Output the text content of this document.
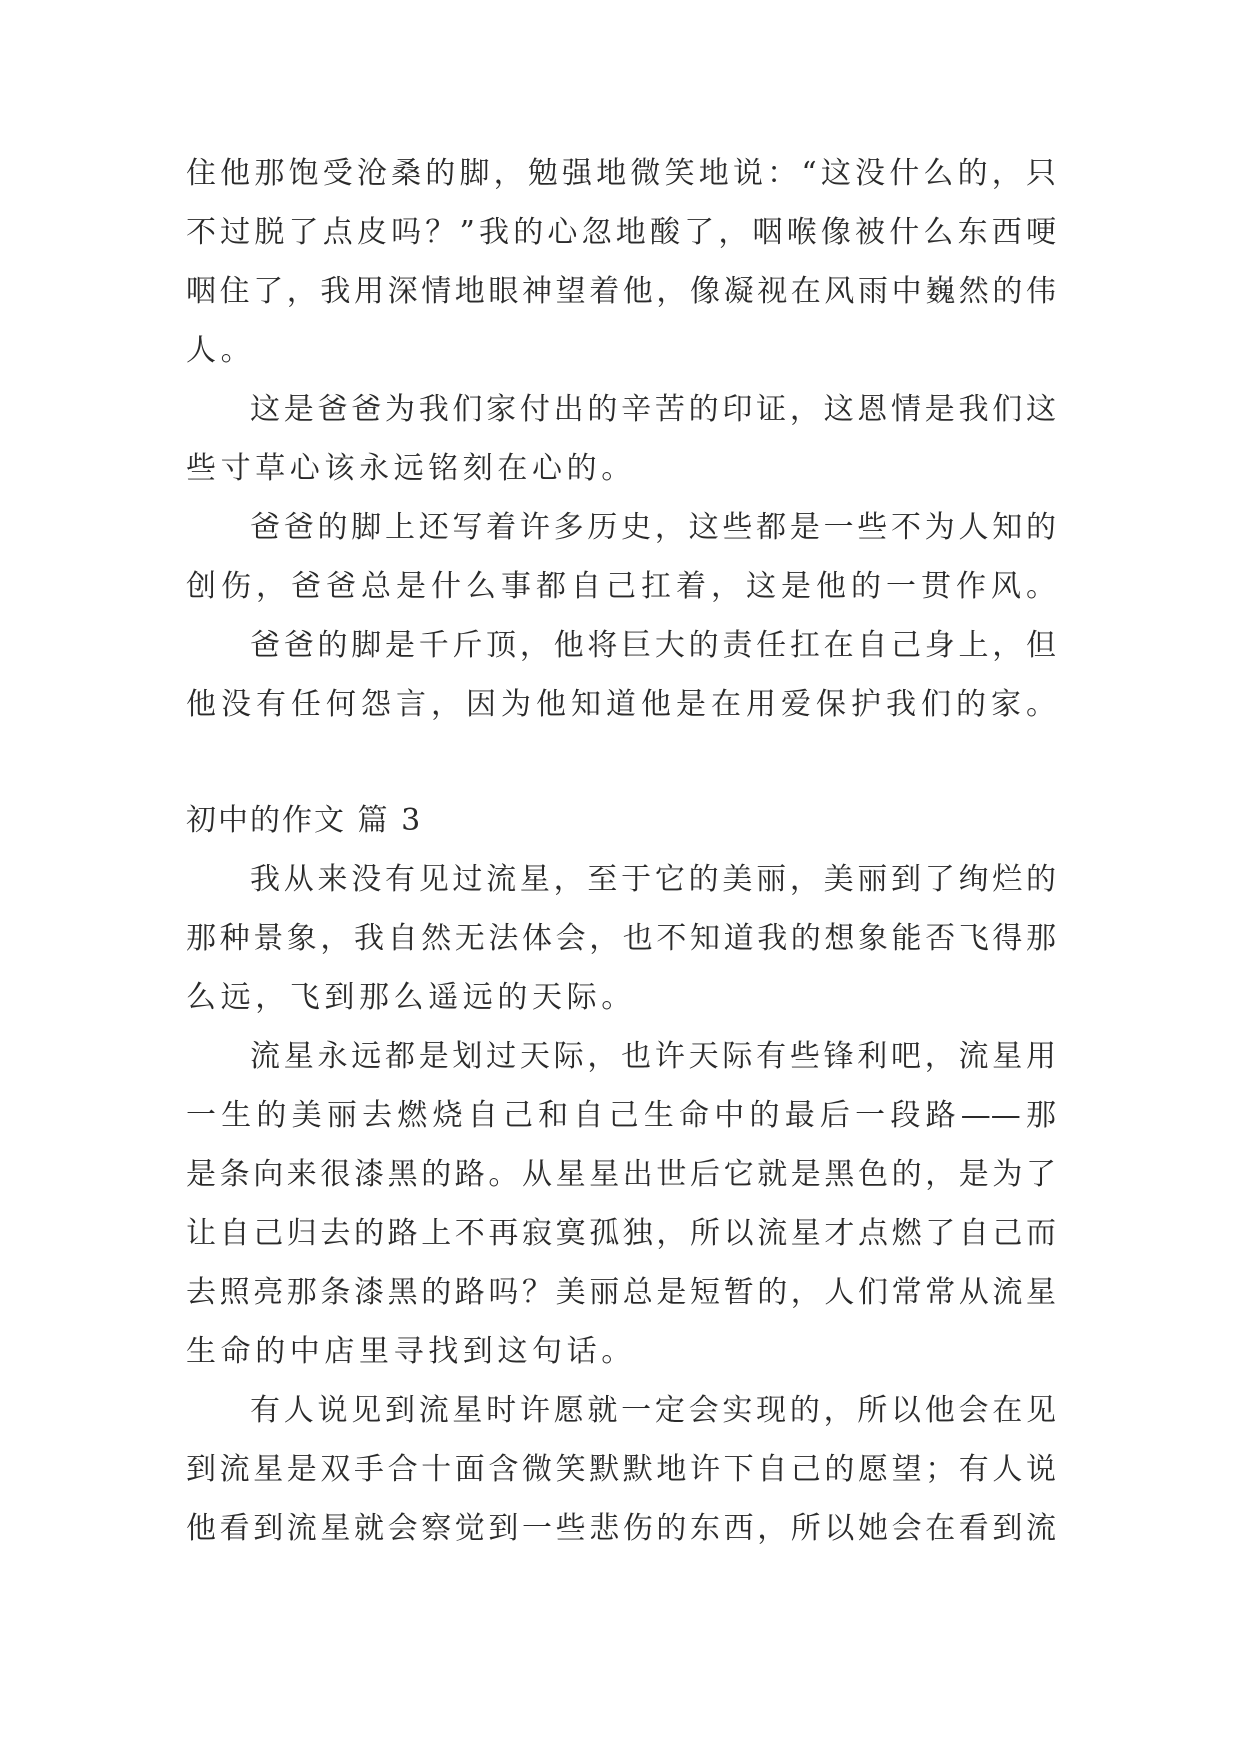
住他那饱受沧桑的脚，勉强地微笑地说：“这没什么的，只
不过脱了点皮吗？”我的心忽地酸了，咽喉像被什么东西哽
咽住了，我用深情地眼神望着他，像凝视在风雨中巍然的伟
人。
这是爸爸为我们家付出的辛苦的印证，这恩情是我们这
些寸草心该永远铭刻在心的。
爸爸的脚上还写着许多历史，这些都是一些不为人知的
创伤，爸爸总是什么事都自己扛着，这是他的一贯作风。
爸爸的脚是千斤顶，他将巨大的责任扛在自己身上，但
他没有任何怨言，因为他知道他是在用爱保护我们的家。
初中的作文 篇 3
我从来没有见过流星，至于它的美丽，美丽到了绚烂的
那种景象，我自然无法体会，也不知道我的想象能否飞得那
么远，飞到那么遥远的天际。
流星永远都是划过天际，也许天际有些锋利吧，流星用
一生的美丽去燃烧自己和自己生命中的最后一段路——那
是条向来很漆黑的路。从星星出世后它就是黑色的，是为了
让自己归去的路上不再寂寞孤独，所以流星才点燃了自己而
去照亮那条漆黑的路吗？美丽总是短暂的，人们常常从流星
生命的中店里寻找到这句话。
有人说见到流星时许愿就一定会实现的，所以他会在见
到流星是双手合十面含微笑默默地许下自己的愿望；有人说
他看到流星就会察觉到一些悲伤的东西，所以她会在看到流
